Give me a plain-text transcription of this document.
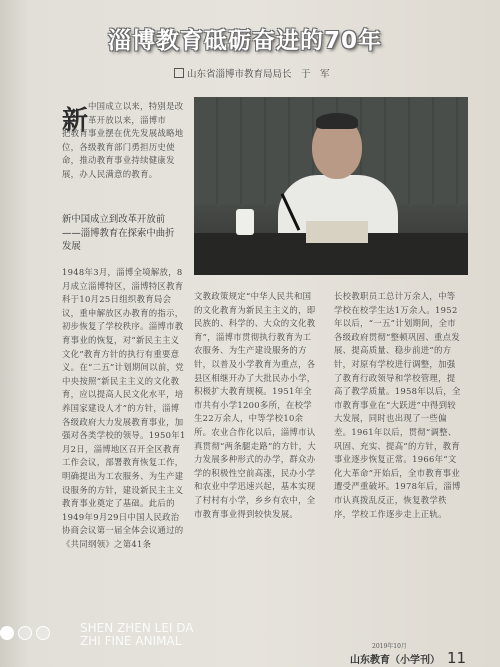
淄博教育砥砺奋进的70年
山东省淄博市教育局局长　于　军
新 中国成立以来，特别是改革开放以来，淄博市

把教育事业摆在优先发展战略地位，各级教育部门勇担历史使命，推动教育事业持续健康发展，办人民满意的教育。

新中国成立到改革开放前——淄博教育在探索中曲折发展

1948年3月，淄博全境解放，8月成立淄博特区，淄博特区教育科于10月25日组织教育局会议，重申解放区办教育的指示，初步恢复了学校秩序。淄博市教育事业的恢复，对“新民主主义文化”教育方针的执行有重要意义。在“二五”计划期间以前，党中央按照“新民主主义的文化教育，应以提高人民文化水平，培养国家建设人才”的方针，淄博各级政府大力发展教育事业，加强对各类学校的领导。1950年1月2日，淄博地区召开全区教育工作会议，部署教育恢复工作，明确提出为工农服务、为生产建设服务的方针，建设新民主主义教育事业奠定了基础。此后的1949年9月29日中国人民政治协商会议第一届全体会议通过的《共同纲领》之第41条

文教政策规定“中华人民共和国的文化教育为新民主主义的，即民族的、科学的、大众的文化教育”，淄博市贯彻执行教育为工农服务、为生产建设服务的方针，以普及小学教育为重点，各县区相继开办了大批民办小学，积极扩大教育规模。1951年全市共有小学1200多所，在校学生22万余人，中等学校10余所。农业合作化以后，淄博市认真贯彻“两条腿走路”的方针，大力发展多种形式的办学，群众办学的积极性空前高涨，民办小学和农业中学迅速兴起，基本实现了村村有小学，乡乡有农中，全市教育事业得到较快发展。

长校教职员工总计万余人，中等学校在校学生达1万余人。1952年以后，“一五”计划期间，全市各级政府贯彻“整顿巩固、重点发展、提高质量、稳步前进”的方针，对原有学校进行调整，加强了教育行政领导和学校管理，提高了教学质量。1958年以后，全市教育事业在“大跃进”中得到较大发展，同时也出现了一些偏差。1961年以后，贯彻“调整、巩固、充实、提高”的方针，教育事业逐步恢复正常。1966年“文化大革命”开始后，全市教育事业遭受严重破坏。1978年后，淄博市认真拨乱反正，恢复教学秩序，学校工作逐步走上正轨。

2019年10月
山东教育（小学刊） 11
SHEN ZHEN LEI DA
ZHI FINE ANIMAL
